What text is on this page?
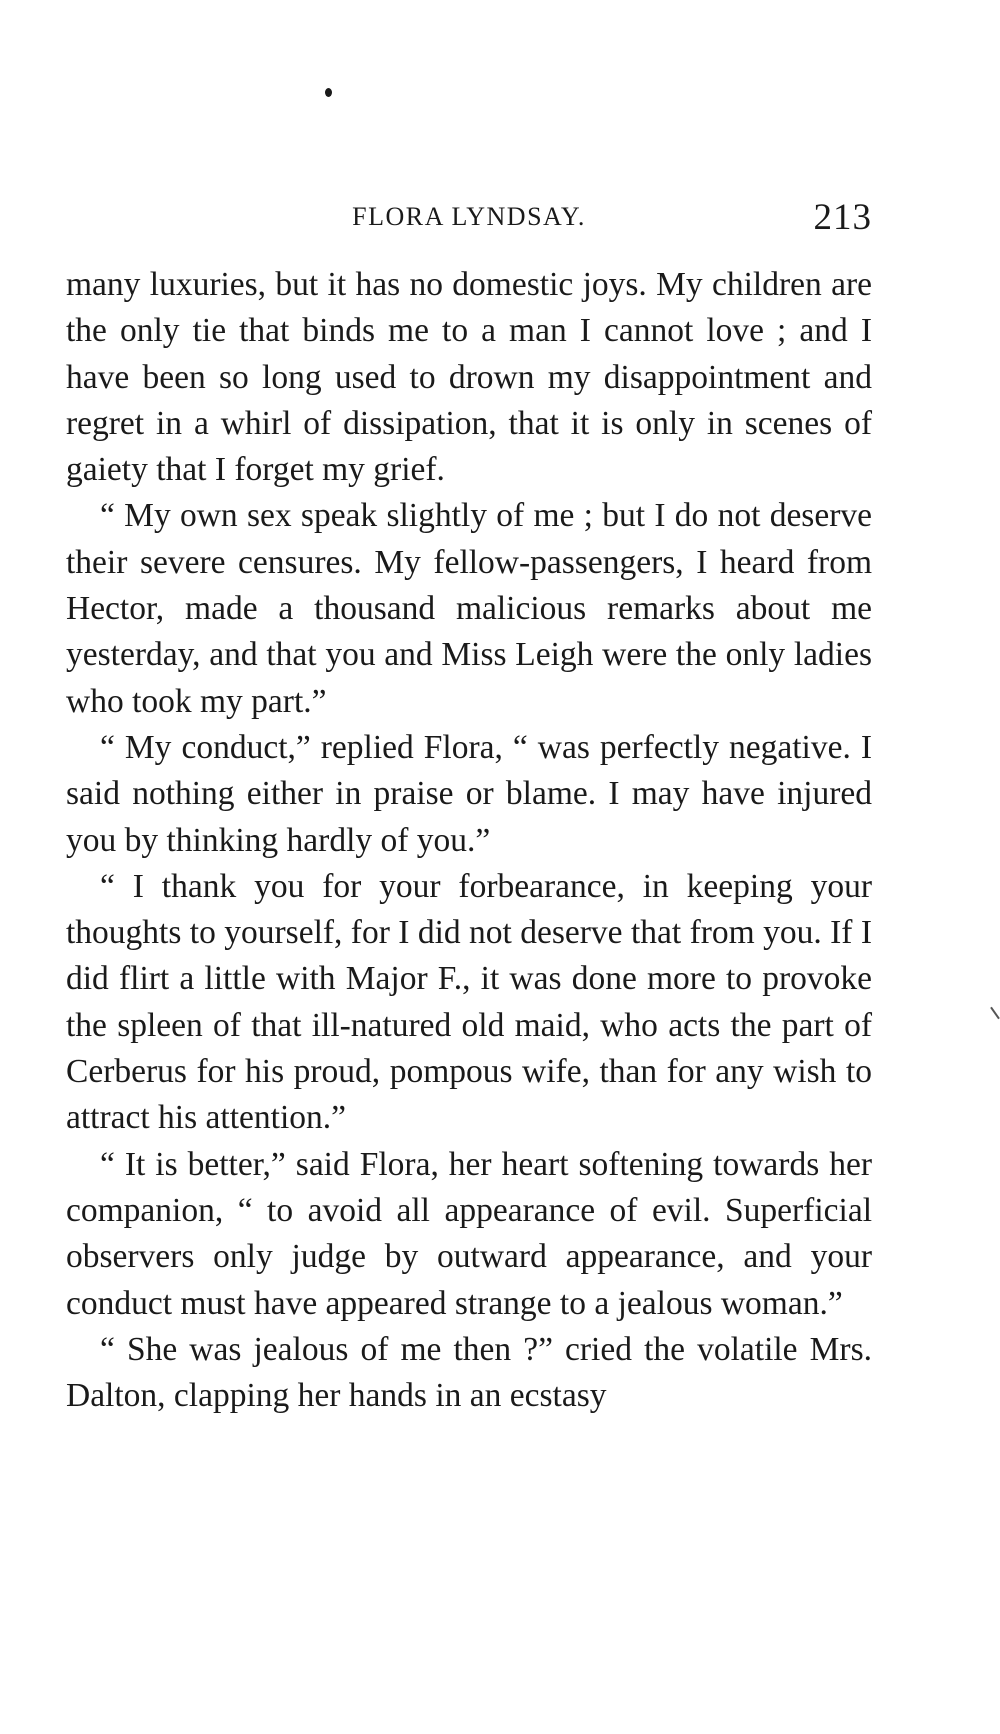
FLORA LYNDSAY.	213

many luxuries, but it has no domestic joys. My children are the only tie that binds me to a man I cannot love ; and I have been so long used to drown my disappointment and regret in a whirl of dissipation, that it is only in scenes of gaiety that I forget my grief.

“ My own sex speak slightly of me ; but I do not deserve their severe censures. My fellow-passengers, I heard from Hector, made a thousand malicious remarks about me yesterday, and that you and Miss Leigh were the only ladies who took my part.”

“ My conduct,” replied Flora, “ was perfectly negative. I said nothing either in praise or blame. I may have injured you by thinking hardly of you.”

“ I thank you for your forbearance, in keeping your thoughts to yourself, for I did not deserve that from you. If I did flirt a little with Major F., it was done more to provoke the spleen of that ill-natured old maid, who acts the part of Cerberus for his proud, pompous wife, than for any wish to attract his attention.”

“ It is better,” said Flora, her heart softening towards her companion, “ to avoid all appearance of evil. Superficial observers only judge by outward appearance, and your conduct must have appeared strange to a jealous woman.”

“ She was jealous of me then ?” cried the volatile Mrs. Dalton, clapping her hands in an ecstasy
